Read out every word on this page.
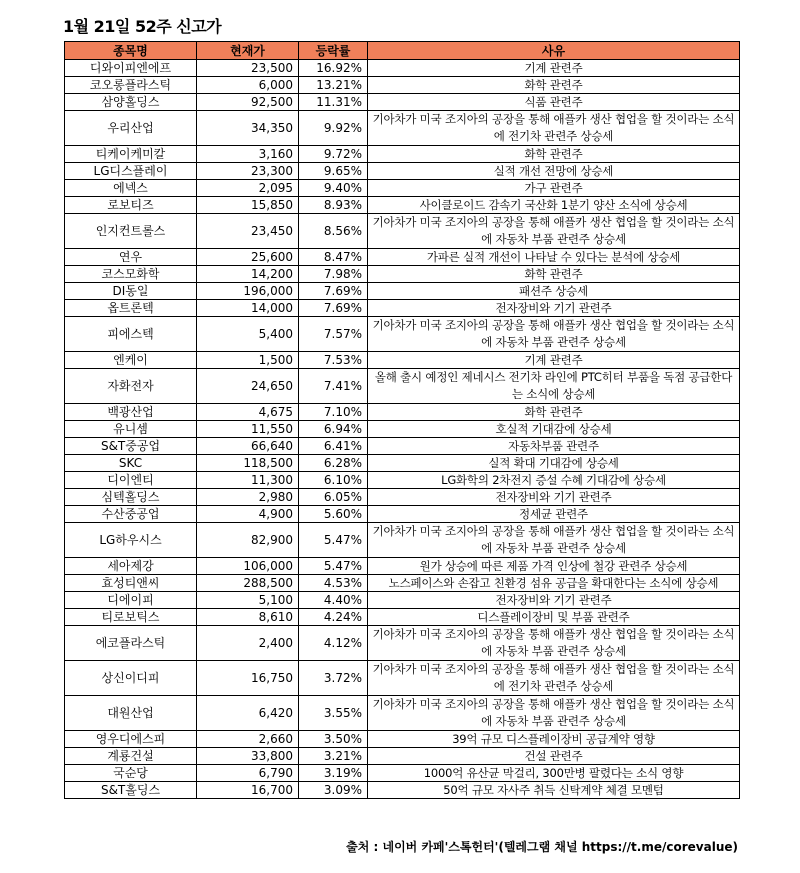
1월 21일 52주 신고가
종목명	현재가	등락률	사유
디와이피엔에프	23,500	16.92%	기계 관련주
코오롱플라스틱	6,000	13.21%	화학 관련주
삼양홀딩스	92,500	11.31%	식품 관련주
우리산업	34,350	9.92%	기아차가 미국 조지아의 공장을 통해 애플카 생산 협업을 할 것이라는 소식에 전기차 관련주 상승세
티케이케미칼	3,160	9.72%	화학 관련주
LG디스플레이	23,300	9.65%	실적 개선 전망에 상승세
에넥스	2,095	9.40%	가구 관련주
로보티즈	15,850	8.93%	사이클로이드 감속기 국산화 1분기 양산 소식에 상승세
인지컨트롤스	23,450	8.56%	기아차가 미국 조지아의 공장을 통해 애플카 생산 협업을 할 것이라는 소식에 자동차 부품 관련주 상승세
연우	25,600	8.47%	가파른 실적 개선이 나타날 수 있다는 분석에 상승세
코스모화학	14,200	7.98%	화학 관련주
DI동일	196,000	7.69%	패션주 상승세
옵트론텍	14,000	7.69%	전자장비와 기기 관련주
피에스텍	5,400	7.57%	기아차가 미국 조지아의 공장을 통해 애플카 생산 협업을 할 것이라는 소식에 자동차 부품 관련주 상승세
엔케이	1,500	7.53%	기계 관련주
자화전자	24,650	7.41%	올해 출시 예정인 제네시스 전기차 라인에 PTC히터 부품을 독점 공급한다는 소식에 상승세
백광산업	4,675	7.10%	화학 관련주
유니셈	11,550	6.94%	호실적 기대감에 상승세
S&T중공업	66,640	6.41%	자동차부품 관련주
SKC	118,500	6.28%	실적 확대 기대감에 상승세
디이엔티	11,300	6.10%	LG화학의 2차전지 증설 수혜 기대감에 상승세
심텍홀딩스	2,980	6.05%	전자장비와 기기 관련주
수산중공업	4,900	5.60%	정세균 관련주
LG하우시스	82,900	5.47%	기아차가 미국 조지아의 공장을 통해 애플카 생산 협업을 할 것이라는 소식에 자동차 부품 관련주 상승세
세아제강	106,000	5.47%	원가 상승에 따른 제품 가격 인상에 철강 관련주 상승세
효성티앤씨	288,500	4.53%	노스페이스와 손잡고 친환경 섬유 공급을 확대한다는 소식에 상승세
디에이피	5,100	4.40%	전자장비와 기기 관련주
티로보틱스	8,610	4.24%	디스플레이장비 및 부품 관련주
에코플라스틱	2,400	4.12%	기아차가 미국 조지아의 공장을 통해 애플카 생산 협업을 할 것이라는 소식에 자동차 부품 관련주 상승세
상신이디피	16,750	3.72%	기아차가 미국 조지아의 공장을 통해 애플카 생산 협업을 할 것이라는 소식에 전기차 관련주 상승세
대원산업	6,420	3.55%	기아차가 미국 조지아의 공장을 통해 애플카 생산 협업을 할 것이라는 소식에 자동차 부품 관련주 상승세
영우디에스피	2,660	3.50%	39억 규모 디스플레이장비 공급계약 영향
계룡건설	33,800	3.21%	건설 관련주
국순당	6,790	3.19%	1000억 유산균 막걸리, 300만병 팔렸다는 소식 영향
S&T홀딩스	16,700	3.09%	50억 규모 자사주 취득 신탁계약 체결 모멘텀
출처 : 네이버 카페'스톡헌터'(텔레그램 채널 https://t.me/corevalue)
